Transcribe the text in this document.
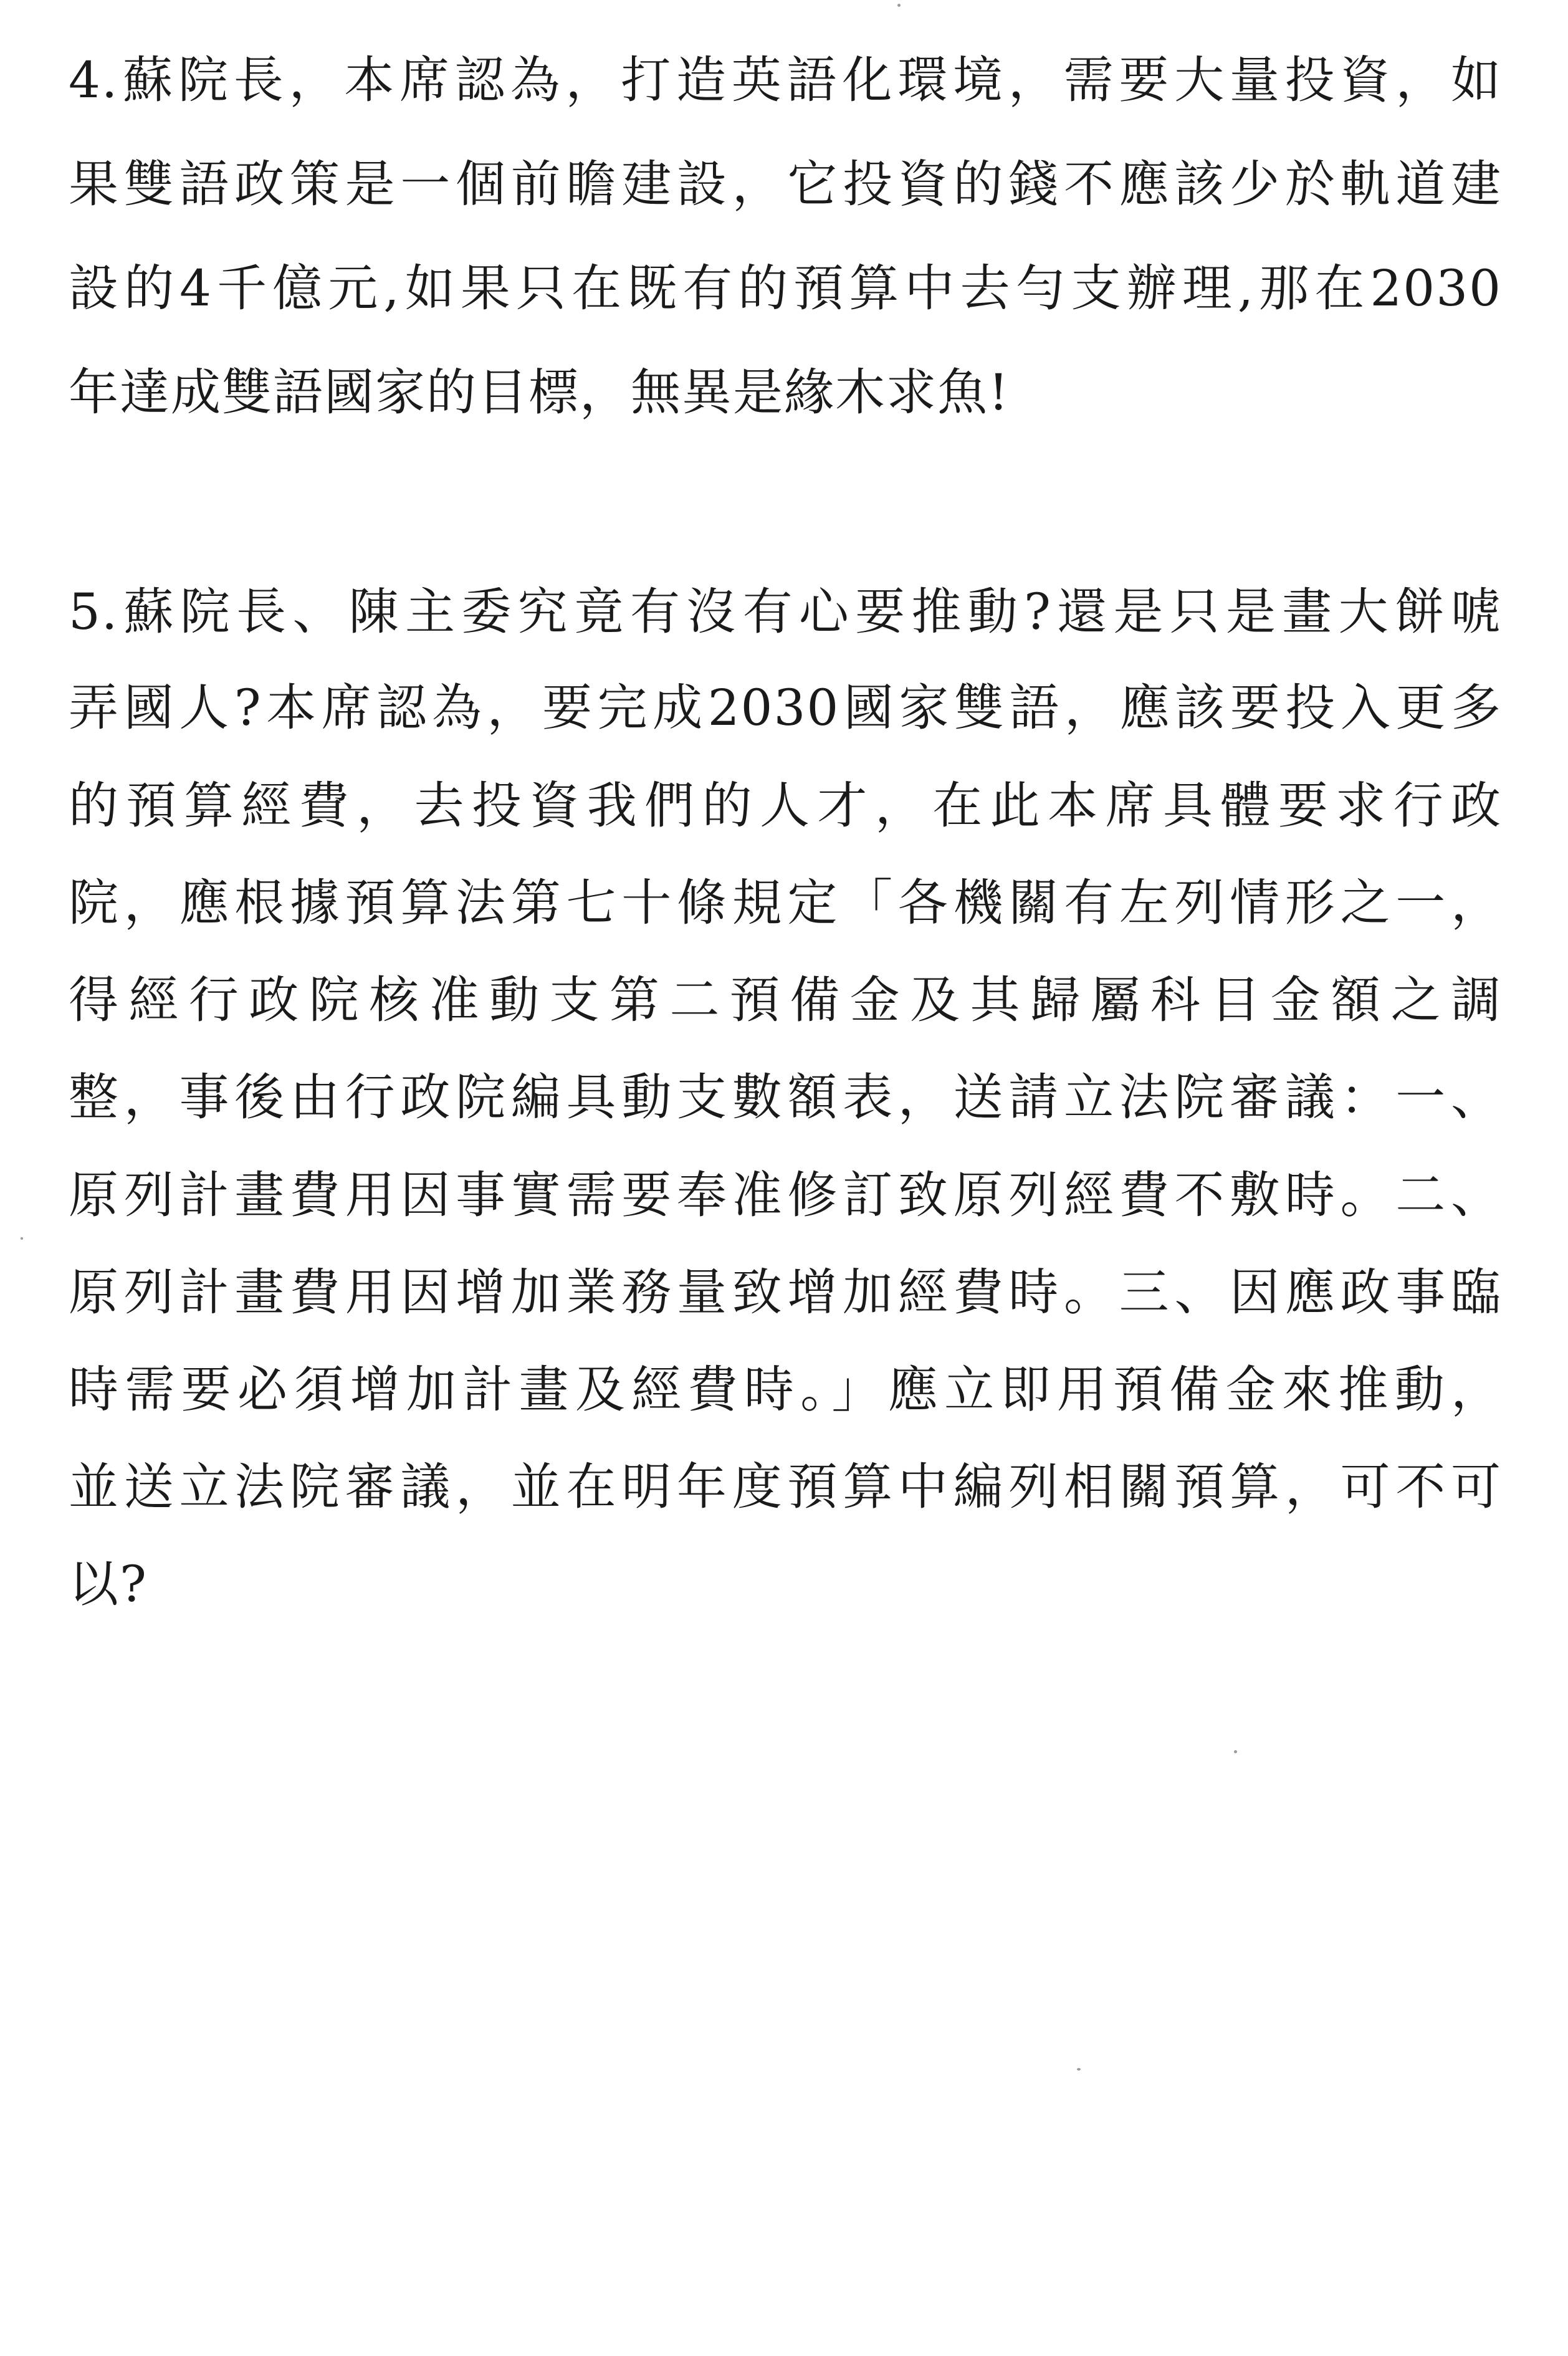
4.蘇院長，本席認為，打造英語化環境，需要大量投資，如
果雙語政策是一個前瞻建設，它投資的錢不應該少於軌道建
設的4千億元,如果只在既有的預算中去勻支辦理,那在2030
年達成雙語國家的目標，無異是緣木求魚!
5.蘇院長、陳主委究竟有沒有心要推動?還是只是畫大餅唬
弄國人?本席認為，要完成2030國家雙語，應該要投入更多
的預算經費，去投資我們的人才，在此本席具體要求行政
院，應根據預算法第七十條規定「各機關有左列情形之一，
得經行政院核准動支第二預備金及其歸屬科目金額之調
整，事後由行政院編具動支數額表，送請立法院審議：一、
原列計畫費用因事實需要奉准修訂致原列經費不敷時。二、
原列計畫費用因增加業務量致增加經費時。三、因應政事臨
時需要必須增加計畫及經費時。」應立即用預備金來推動，
並送立法院審議，並在明年度預算中編列相關預算，可不可
以?
